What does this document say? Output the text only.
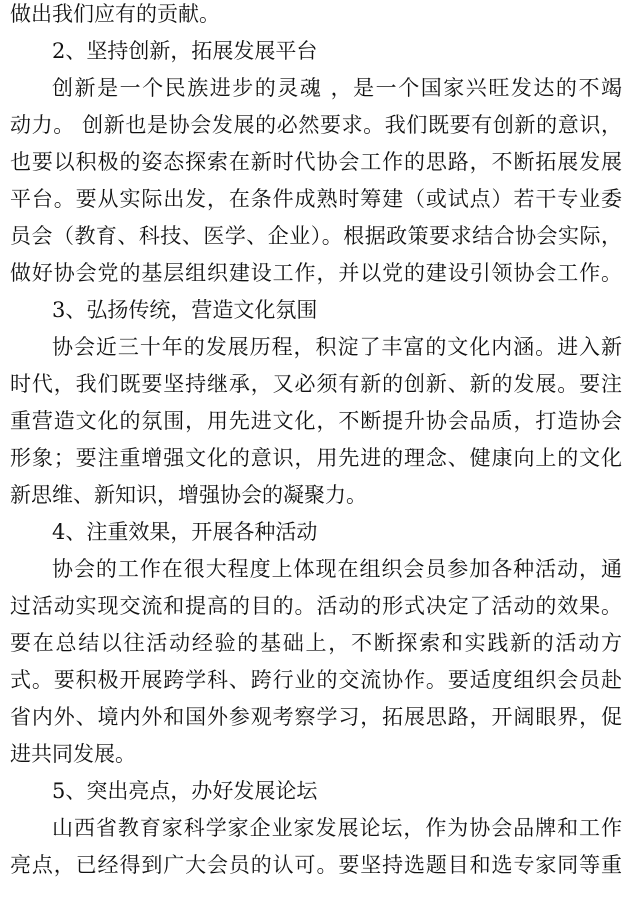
做出我们应有的贡献。
2、坚持创新，拓展发展平台
创新是一个民族进步的灵魂 ，是一个国家兴旺发达的不竭
动力。 创新也是协会发展的必然要求。我们既要有创新的意识，
也要以积极的姿态探索在新时代协会工作的思路，不断拓展发展
平台。要从实际出发，在条件成熟时筹建（或试点）若干专业委
员会（教育、科技、医学、企业）。根据政策要求结合协会实际，
做好协会党的基层组织建设工作，并以党的建设引领协会工作。
3、弘扬传统，营造文化氛围
协会近三十年的发展历程，积淀了丰富的文化内涵。进入新
时代，我们既要坚持继承，又必须有新的创新、新的发展。要注
重营造文化的氛围，用先进文化，不断提升协会品质，打造协会
形象；要注重增强文化的意识，用先进的理念、健康向上的文化
新思维、新知识，增强协会的凝聚力。
4、注重效果，开展各种活动
协会的工作在很大程度上体现在组织会员参加各种活动，通
过活动实现交流和提高的目的。活动的形式决定了活动的效果。
要在总结以往活动经验的基础上，不断探索和实践新的活动方
式。要积极开展跨学科、跨行业的交流协作。要适度组织会员赴
省内外、境内外和国外参观考察学习，拓展思路，开阔眼界，促
进共同发展。
5、突出亮点，办好发展论坛
山西省教育家科学家企业家发展论坛，作为协会品牌和工作
亮点，已经得到广大会员的认可。要坚持选题目和选专家同等重
